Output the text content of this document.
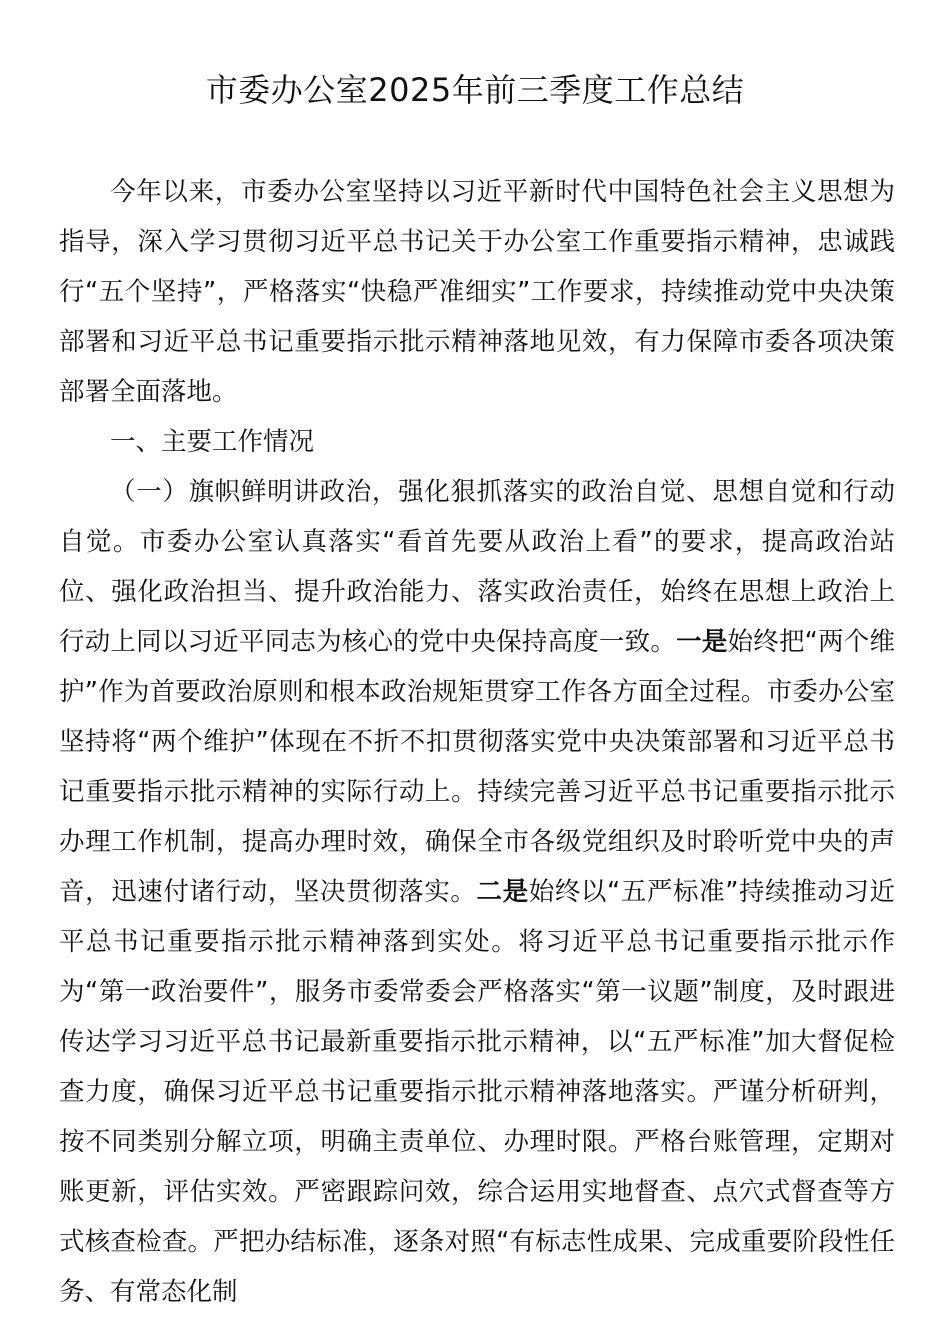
市委办公室2025年前三季度工作总结

今年以来，市委办公室坚持以习近平新时代中国特色社会主义思想为指导，深入学习贯彻习近平总书记关于办公室工作重要指示精神，忠诚践行“五个坚持”，严格落实“快稳严准细实”工作要求，持续推动党中央决策部署和习近平总书记重要指示批示精神落地见效，有力保障市委各项决策部署全面落地。

一、主要工作情况

（一）旗帜鲜明讲政治，强化狠抓落实的政治自觉、思想自觉和行动自觉。市委办公室认真落实“看首先要从政治上看”的要求，提高政治站位、强化政治担当、提升政治能力、落实政治责任，始终在思想上政治上行动上同以习近平同志为核心的党中央保持高度一致。一是始终把“两个维护”作为首要政治原则和根本政治规矩贯穿工作各方面全过程。市委办公室坚持将“两个维护”体现在不折不扣贯彻落实党中央决策部署和习近平总书记重要指示批示精神的实际行动上。持续完善习近平总书记重要指示批示办理工作机制，提高办理时效，确保全市各级党组织及时聆听党中央的声音，迅速付诸行动，坚决贯彻落实。二是始终以“五严标准”持续推动习近平总书记重要指示批示精神落到实处。将习近平总书记重要指示批示作为“第一政治要件”，服务市委常委会严格落实“第一议题”制度，及时跟进传达学习习近平总书记最新重要指示批示精神，以“五严标准”加大督促检查力度，确保习近平总书记重要指示批示精神落地落实。严谨分析研判，按不同类别分解立项，明确主责单位、办理时限。严格台账管理，定期对账更新，评估实效。严密跟踪问效，综合运用实地督查、点穴式督查等方式核查检查。严把办结标准，逐条对照“有标志性成果、完成重要阶段性任务、有常态化制
